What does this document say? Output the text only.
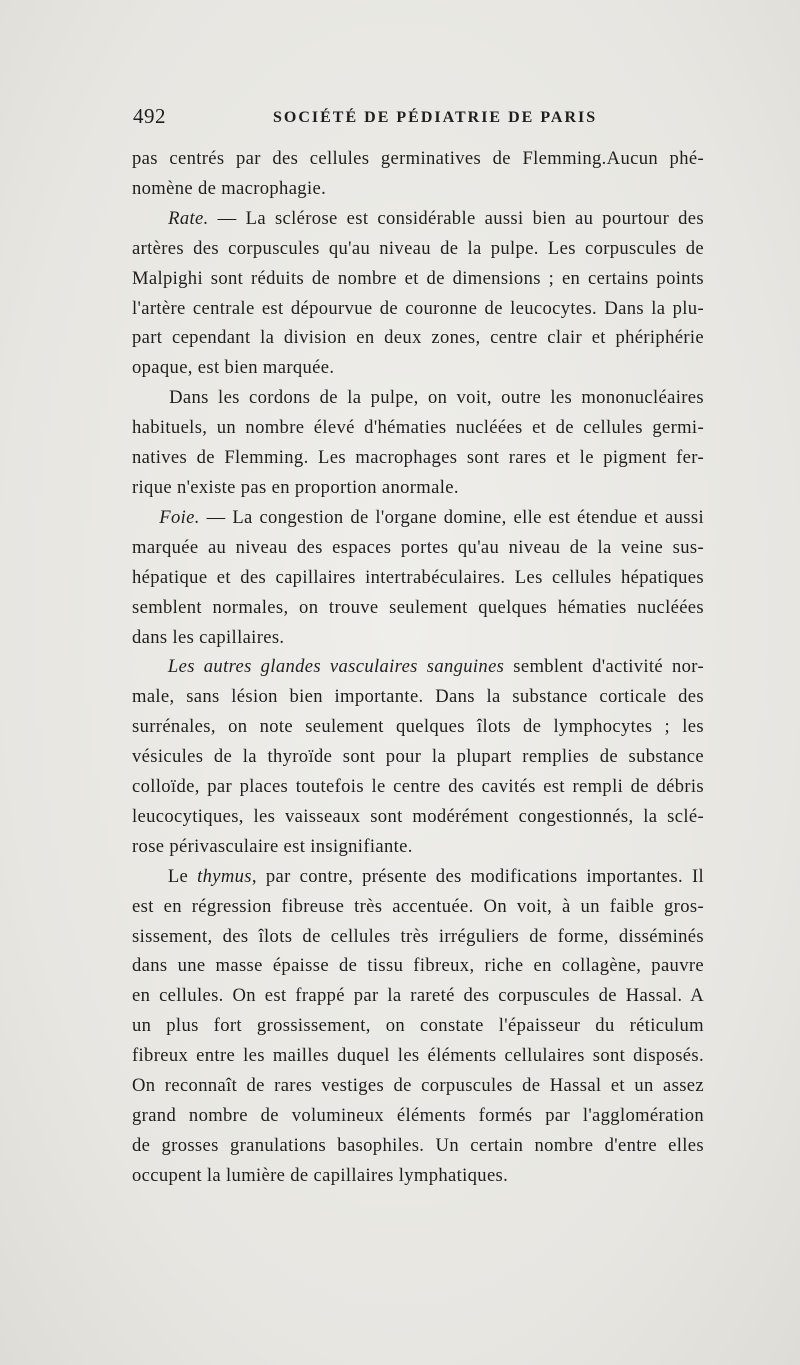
492	SOCIÉTÉ DE PÉDIATRIE DE PARIS

pas centrés par des cellules germinatives de Flemming.Aucun phé-
nomène de macrophagie.

Rate. — La sclérose est considérable aussi bien au pourtour des
artères des corpuscules qu'au niveau de la pulpe. Les corpuscules de
Malpighi sont réduits de nombre et de dimensions ; en certains points
l'artère centrale est dépourvue de couronne de leucocytes. Dans la plu-
part cependant la division en deux zones, centre clair et phériphérie
opaque, est bien marquée.

Dans les cordons de la pulpe, on voit, outre les mononucléaires
habituels, un nombre élevé d'hématies nucléées et de cellules germi-
natives de Flemming. Les macrophages sont rares et le pigment fer-
rique n'existe pas en proportion anormale.

Foie. — La congestion de l'organe domine, elle est étendue et aussi
marquée au niveau des espaces portes qu'au niveau de la veine sus-
hépatique et des capillaires intertrabéculaires. Les cellules hépatiques
semblent normales, on trouve seulement quelques hématies nucléées
dans les capillaires.

Les autres glandes vasculaires sanguines semblent d'activité nor-
male, sans lésion bien importante. Dans la substance corticale des
surrénales, on note seulement quelques îlots de lymphocytes ; les
vésicules de la thyroïde sont pour la plupart remplies de substance
colloïde, par places toutefois le centre des cavités est rempli de débris
leucocytiques, les vaisseaux sont modérément congestionnés, la sclé-
rose périvasculaire est insignifiante.

Le thymus, par contre, présente des modifications importantes. Il
est en régression fibreuse très accentuée. On voit, à un faible gros-
sissement, des îlots de cellules très irréguliers de forme, disséminés
dans une masse épaisse de tissu fibreux, riche en collagène, pauvre
en cellules. On est frappé par la rareté des corpuscules de Hassal. A
un plus fort grossissement, on constate l'épaisseur du réticulum
fibreux entre les mailles duquel les éléments cellulaires sont disposés.
On reconnaît de rares vestiges de corpuscules de Hassal et un assez
grand nombre de volumineux éléments formés par l'agglomération
de grosses granulations basophiles. Un certain nombre d'entre elles
occupent la lumière de capillaires lymphatiques.
